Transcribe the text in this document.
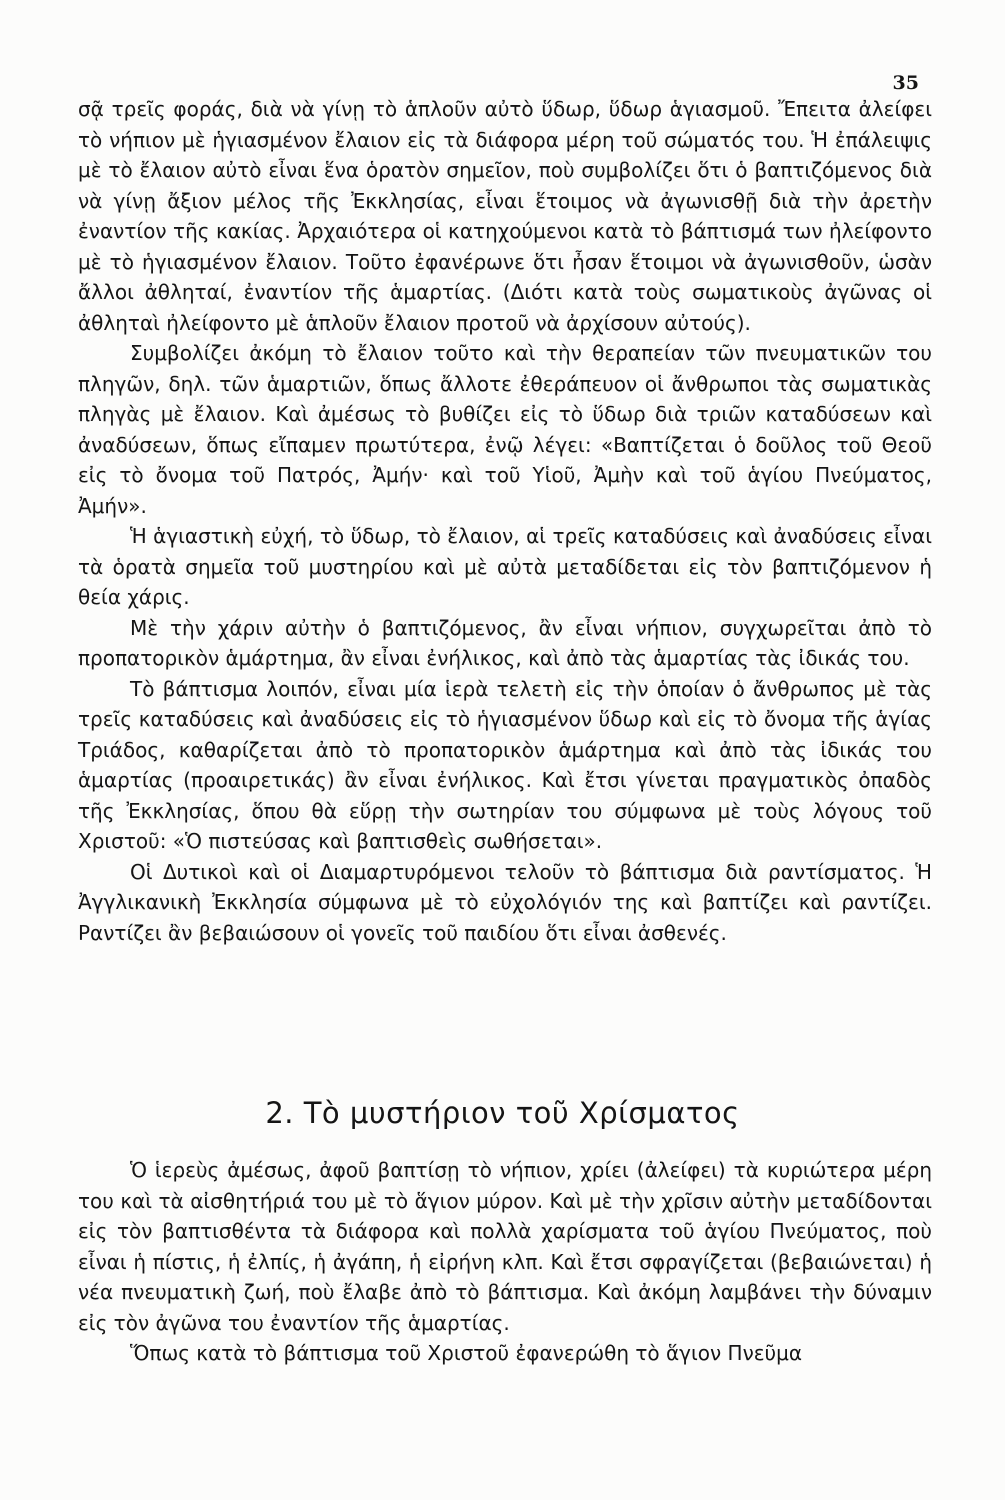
35

σᾷ τρεῖς φοράς, διὰ νὰ γίνῃ τὸ ἁπλοῦν αὐτὸ ὕδωρ, ὕδωρ ἁγιασμοῦ. Ἔπειτα ἀλείφει τὸ νήπιον μὲ ἡγιασμένον ἔλαιον εἰς τὰ διάφορα μέρη τοῦ σώματός του. Ἡ ἐπάλειψις μὲ τὸ ἔλαιον αὐτὸ εἶναι ἕνα ὁρατὸν σημεῖον, ποὺ συμβολίζει ὅτι ὁ βαπτιζόμενος διὰ νὰ γίνῃ ἄξιον μέλος τῆς Ἐκκλησίας, εἶναι ἕτοιμος νὰ ἀγωνισθῇ διὰ τὴν ἀρετὴν ἐναντίον τῆς κακίας. Ἀρχαιότερα οἱ κατηχούμενοι κατὰ τὸ βάπτισμά των ἠλείφοντο μὲ τὸ ἡγιασμένον ἔλαιον. Τοῦτο ἐφανέρωνε ὅτι ἦσαν ἕτοιμοι νὰ ἀγωνισθοῦν, ὡσὰν ἄλλοι ἀθληταί, ἐναντίον τῆς ἁμαρτίας. (Διότι κατὰ τοὺς σωματικοὺς ἀγῶνας οἱ ἀθληταὶ ἠλείφοντο μὲ ἁπλοῦν ἔλαιον προτοῦ νὰ ἀρχίσουν αὐτούς).

Συμβολίζει ἀκόμη τὸ ἔλαιον τοῦτο καὶ τὴν θεραπείαν τῶν πνευματικῶν του πληγῶν, δηλ. τῶν ἁμαρτιῶν, ὅπως ἄλλοτε ἐθεράπευον οἱ ἄνθρωποι τὰς σωματικὰς πληγὰς μὲ ἔλαιον. Καὶ ἀμέσως τὸ βυθίζει εἰς τὸ ὕδωρ διὰ τριῶν καταδύσεων καὶ ἀναδύσεων, ὅπως εἴπαμεν πρωτύτερα, ἐνῷ λέγει: «Βαπτίζεται ὁ δοῦλος τοῦ Θεοῦ εἰς τὸ ὄνομα τοῦ Πατρός, Ἀμήν· καὶ τοῦ Υἱοῦ, Ἀμὴν καὶ τοῦ ἁγίου Πνεύματος, Ἀμήν».

Ἡ ἁγιαστικὴ εὐχή, τὸ ὕδωρ, τὸ ἔλαιον, αἱ τρεῖς καταδύσεις καὶ ἀναδύσεις εἶναι τὰ ὁρατὰ σημεῖα τοῦ μυστηρίου καὶ μὲ αὐτὰ μεταδίδεται εἰς τὸν βαπτιζόμενον ἡ θεία χάρις.

Μὲ τὴν χάριν αὐτὴν ὁ βαπτιζόμενος, ἂν εἶναι νήπιον, συγχωρεῖται ἀπὸ τὸ προπατορικὸν ἁμάρτημα, ἂν εἶναι ἐνήλικος, καὶ ἀπὸ τὰς ἁμαρτίας τὰς ἰδικάς του.

Τὸ βάπτισμα λοιπόν, εἶναι μία ἱερὰ τελετὴ εἰς τὴν ὁποίαν ὁ ἄνθρωπος μὲ τὰς τρεῖς καταδύσεις καὶ ἀναδύσεις εἰς τὸ ἡγιασμένον ὕδωρ καὶ εἰς τὸ ὄνομα τῆς ἁγίας Τριάδος, καθαρίζεται ἀπὸ τὸ προπατορικὸν ἁμάρτημα καὶ ἀπὸ τὰς ἰδικάς του ἁμαρτίας (προαιρετικάς) ἂν εἶναι ἐνήλικος. Καὶ ἔτσι γίνεται πραγματικὸς ὀπαδὸς τῆς Ἐκκλησίας, ὅπου θὰ εὕρῃ τὴν σωτηρίαν του σύμφωνα μὲ τοὺς λόγους τοῦ Χριστοῦ: «Ὁ πιστεύσας καὶ βαπτισθεὶς σωθήσεται».

Οἱ Δυτικοὶ καὶ οἱ Διαμαρτυρόμενοι τελοῦν τὸ βάπτισμα διὰ ραντίσματος. Ἡ Ἀγγλικανικὴ Ἐκκλησία σύμφωνα μὲ τὸ εὐχολόγιόν της καὶ βαπτίζει καὶ ραντίζει. Ραντίζει ἂν βεβαιώσουν οἱ γονεῖς τοῦ παιδίου ὅτι εἶναι ἀσθενές.

2. Τὸ μυστήριον τοῦ Χρίσματος

Ὁ ἱερεὺς ἀμέσως, ἀφοῦ βαπτίσῃ τὸ νήπιον, χρίει (ἀλείφει) τὰ κυριώτερα μέρη του καὶ τὰ αἰσθητήριά του μὲ τὸ ἅγιον μύρον. Καὶ μὲ τὴν χρῖσιν αὐτὴν μεταδίδονται εἰς τὸν βαπτισθέντα τὰ διάφορα καὶ πολλὰ χαρίσματα τοῦ ἁγίου Πνεύματος, ποὺ εἶναι ἡ πίστις, ἡ ἐλπίς, ἡ ἀγάπη, ἡ εἰρήνη κλπ. Καὶ ἔτσι σφραγίζεται (βεβαιώνεται) ἡ νέα πνευματικὴ ζωή, ποὺ ἔλαβε ἀπὸ τὸ βάπτισμα. Καὶ ἀκόμη λαμβάνει τὴν δύναμιν εἰς τὸν ἀγῶνα του ἐναντίον τῆς ἁμαρτίας.

Ὅπως κατὰ τὸ βάπτισμα τοῦ Χριστοῦ ἐφανερώθη τὸ ἅγιον Πνεῦμα
